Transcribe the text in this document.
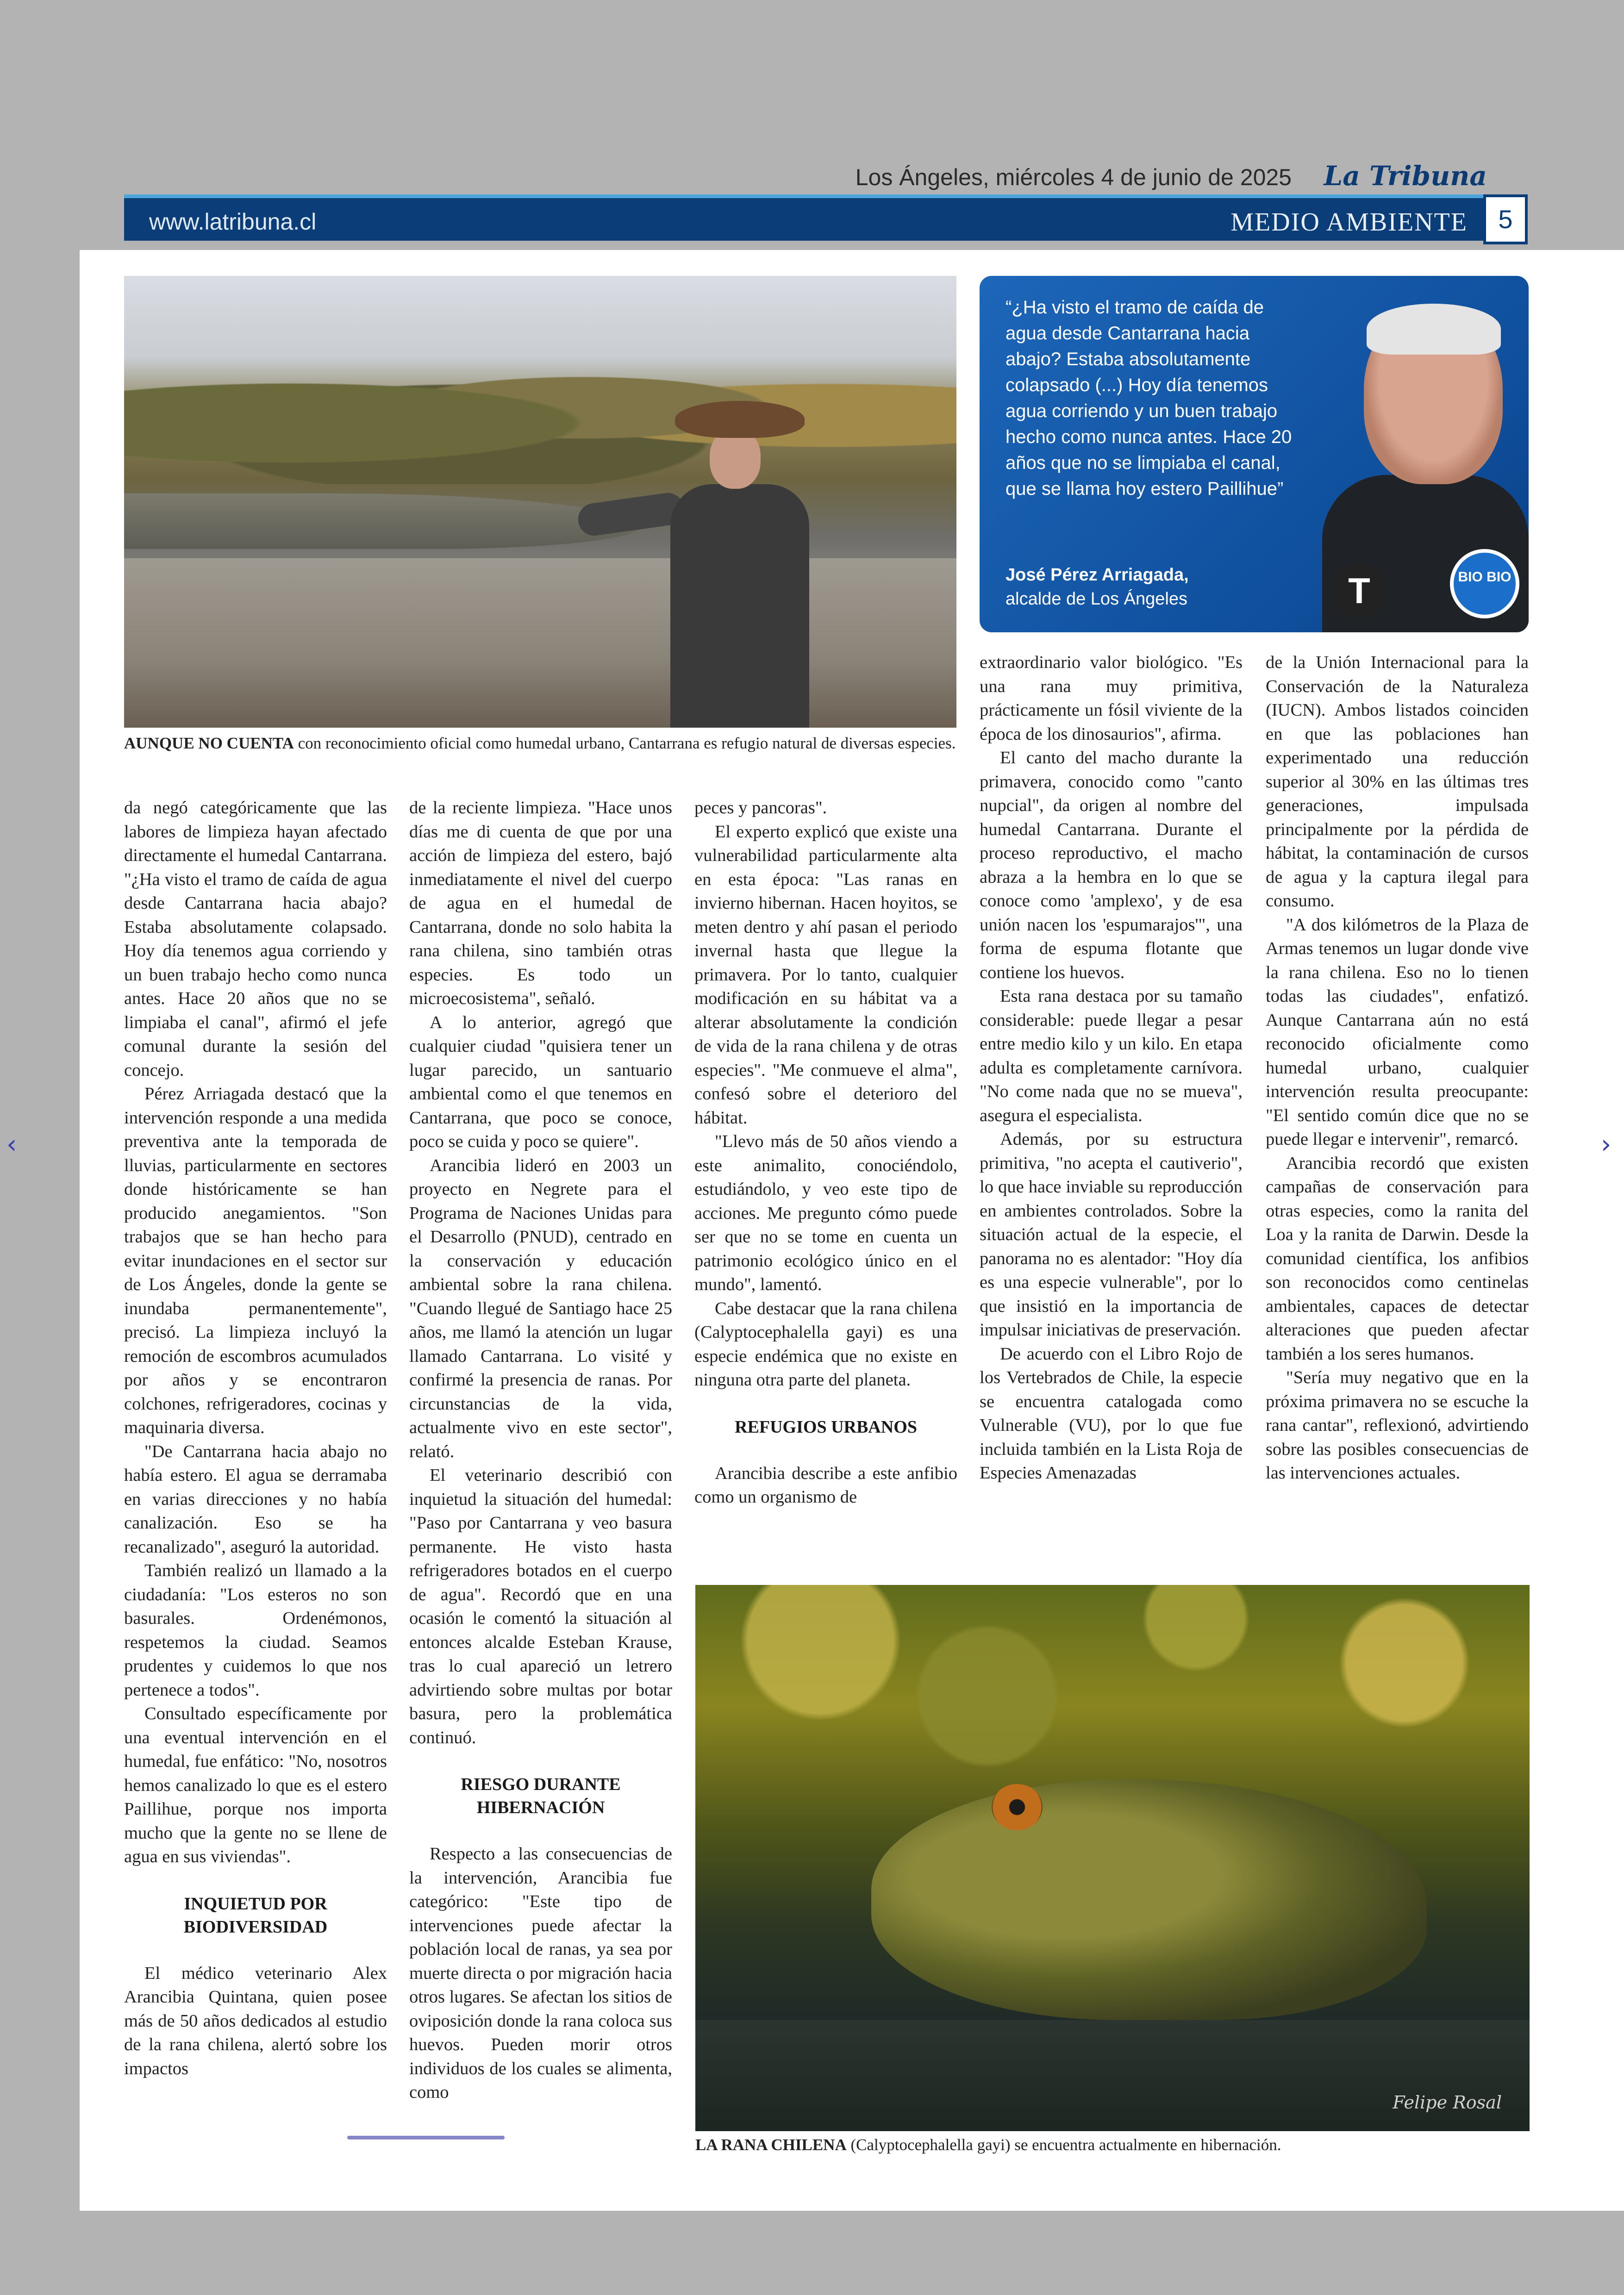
Los Ángeles, miércoles 4 de junio de 2025 La Tribuna
www.latribuna.cl	MEDIO AMBIENTE	5
AUNQUE NO CUENTA con reconocimiento oficial como humedal urbano, Cantarrana es refugio natural de diversas especies.
“¿Ha visto el tramo de caída de agua desde Cantarrana hacia abajo? Estaba absolutamente colapsado (...) Hoy día tenemos agua corriendo y un buen trabajo hecho como nunca antes. Hace 20 años que no se limpiaba el canal, que se llama hoy estero Paillihue”
José Pérez Arriagada,
alcalde de Los Ángeles	T	BIO BIO

da negó categóricamente que las labores de limpieza hayan afectado directamente el humedal Cantarrana. "¿Ha visto el tramo de caída de agua desde Cantarrana hacia abajo? Estaba absolutamente colapsado. Hoy día tenemos agua corriendo y un buen trabajo hecho como nunca antes. Hace 20 años que no se limpiaba el canal", afirmó el jefe comunal durante la sesión del concejo.

Pérez Arriagada destacó que la intervención responde a una medida preventiva ante la temporada de lluvias, particularmente en sectores donde históricamente se han producido anegamientos. "Son trabajos que se han hecho para evitar inundaciones en el sector sur de Los Ángeles, donde la gente se inundaba permanentemente", precisó. La limpieza incluyó la remoción de escombros acumulados por años y se encontraron colchones, refrigeradores, cocinas y maquinaria diversa.

"De Cantarrana hacia abajo no había estero. El agua se derramaba en varias direcciones y no había canalización. Eso se ha recanalizado", aseguró la autoridad.

También realizó un llamado a la ciudadanía: "Los esteros no son basurales. Ordenémonos, respetemos la ciudad. Seamos prudentes y cuidemos lo que nos pertenece a todos".

Consultado específicamente por una eventual intervención en el humedal, fue enfático: "No, nosotros hemos canalizado lo que es el estero Paillihue, porque nos importa mucho que la gente no se llene de agua en sus viviendas".

INQUIETUD POR BIODIVERSIDAD

El médico veterinario Alex Arancibia Quintana, quien posee más de 50 años dedicados al estudio de la rana chilena, alertó sobre los impactos

de la reciente limpieza. "Hace unos días me di cuenta de que por una acción de limpieza del estero, bajó inmediatamente el nivel del cuerpo de agua en el humedal de Cantarrana, donde no solo habita la rana chilena, sino también otras especies. Es todo un microecosistema", señaló.

A lo anterior, agregó que cualquier ciudad "quisiera tener un lugar parecido, un santuario ambiental como el que tenemos en Cantarrana, que poco se conoce, poco se cuida y poco se quiere".

Arancibia lideró en 2003 un proyecto en Negrete para el Programa de Naciones Unidas para el Desarrollo (PNUD), centrado en la conservación y educación ambiental sobre la rana chilena. "Cuando llegué de Santiago hace 25 años, me llamó la atención un lugar llamado Cantarrana. Lo visité y confirmé la presencia de ranas. Por circunstancias de la vida, actualmente vivo en este sector", relató.

El veterinario describió con inquietud la situación del humedal: "Paso por Cantarrana y veo basura permanente. He visto hasta refrigeradores botados en el cuerpo de agua". Recordó que en una ocasión le comentó la situación al entonces alcalde Esteban Krause, tras lo cual apareció un letrero advirtiendo sobre multas por botar basura, pero la problemática continuó.

RIESGO DURANTE HIBERNACIÓN

Respecto a las consecuencias de la intervención, Arancibia fue categórico: "Este tipo de intervenciones puede afectar la población local de ranas, ya sea por muerte directa o por migración hacia otros lugares. Se afectan los sitios de oviposición donde la rana coloca sus huevos. Pueden morir otros individuos de los cuales se alimenta, como

peces y pancoras".

El experto explicó que existe una vulnerabilidad particularmente alta en esta época: "Las ranas en invierno hibernan. Hacen hoyitos, se meten dentro y ahí pasan el periodo invernal hasta que llegue la primavera. Por lo tanto, cualquier modificación en su hábitat va a alterar absolutamente la condición de vida de la rana chilena y de otras especies". "Me conmueve el alma", confesó sobre el deterioro del hábitat.

"Llevo más de 50 años viendo a este animalito, conociéndolo, estudiándolo, y veo este tipo de acciones. Me pregunto cómo puede ser que no se tome en cuenta un patrimonio ecológico único en el mundo", lamentó.

Cabe destacar que la rana chilena (Calyptocephalella gayi) es una especie endémica que no existe en ninguna otra parte del planeta.

REFUGIOS URBANOS

Arancibia describe a este anfibio como un organismo de

extraordinario valor biológico. "Es una rana muy primitiva, prácticamente un fósil viviente de la época de los dinosaurios", afirma.

El canto del macho durante la primavera, conocido como "canto nupcial", da origen al nombre del humedal Cantarrana. Durante el proceso reproductivo, el macho abraza a la hembra en lo que se conoce como 'amplexo', y de esa unión nacen los 'espumarajos'", una forma de espuma flotante que contiene los huevos.

Esta rana destaca por su tamaño considerable: puede llegar a pesar entre medio kilo y un kilo. En etapa adulta es completamente carnívora. "No come nada que no se mueva", asegura el especialista.

Además, por su estructura primitiva, "no acepta el cautiverio", lo que hace inviable su reproducción en ambientes controlados. Sobre la situación actual de la especie, el panorama no es alentador: "Hoy día es una especie vulnerable", por lo que insistió en la importancia de impulsar iniciativas de preservación.

De acuerdo con el Libro Rojo de los Vertebrados de Chile, la especie se encuentra catalogada como Vulnerable (VU), por lo que fue incluida también en la Lista Roja de Especies Amenazadas

de la Unión Internacional para la Conservación de la Naturaleza (IUCN). Ambos listados coinciden en que las poblaciones han experimentado una reducción superior al 30% en las últimas tres generaciones, impulsada principalmente por la pérdida de hábitat, la contaminación de cursos de agua y la captura ilegal para consumo.

"A dos kilómetros de la Plaza de Armas tenemos un lugar donde vive la rana chilena. Eso no lo tienen todas las ciudades", enfatizó. Aunque Cantarrana aún no está reconocido oficialmente como humedal urbano, cualquier intervención resulta preocupante: "El sentido común dice que no se puede llegar e intervenir", remarcó.

Arancibia recordó que existen campañas de conservación para otras especies, como la ranita del Loa y la ranita de Darwin. Desde la comunidad científica, los anfibios son reconocidos como centinelas ambientales, capaces de detectar alteraciones que pueden afectar también a los seres humanos.

"Sería muy negativo que en la próxima primavera no se escuche la rana cantar", reflexionó, advirtiendo sobre las posibles consecuencias de las intervenciones actuales.

Felipe Rosal
LA RANA CHILENA (Calyptocephalella gayi) se encuentra actualmente en hibernación.
‹	›
